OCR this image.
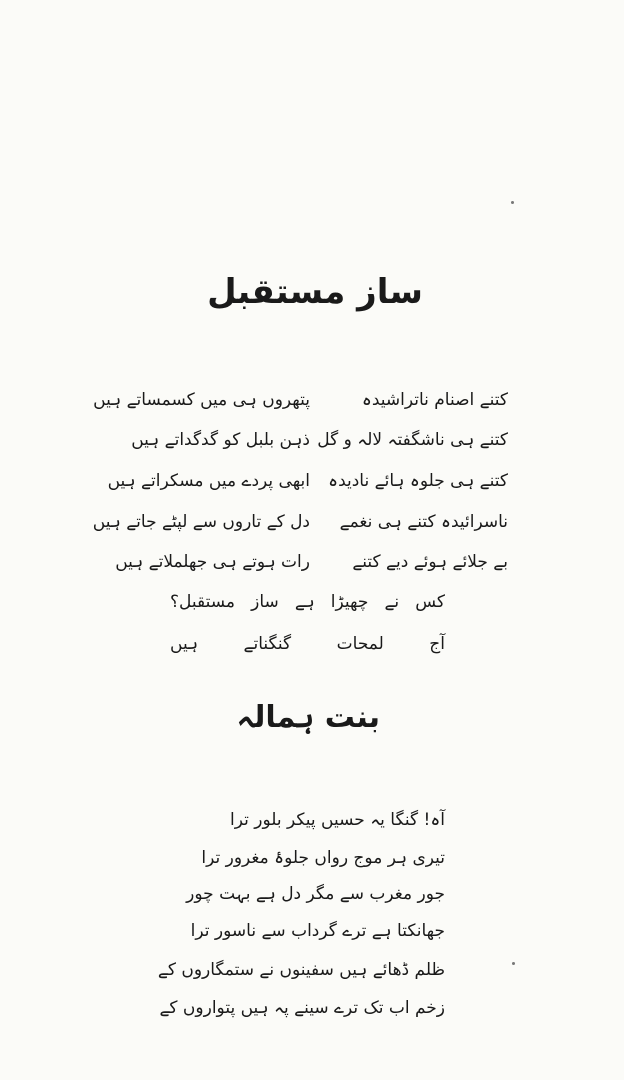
ساز مستقبل
کتنے اصنام ناتراشیدہ
پتھروں ہی میں کسمساتے ہیں
کتنے ہی ناشگفتہ لالہ و گل
ذہن بلبل کو گدگداتے ہیں
کتنے ہی جلوہ ہائے نادیدہ
ابھی پردے میں مسکراتے ہیں
ناسرائیدہ کتنے ہی نغمے
دل کے تاروں سے لپٹے جاتے ہیں
بے جلائے ہوئے دیے کتنے
رات ہوتے ہی جھلملاتے ہیں
کس نے چھیڑا ہے ساز مستقبل؟
آج لمحات گنگناتے ہیں
بنت ہمالہ
آہ! گنگا یہ حسیں پیکر بلور ترا
تیری ہر موج رواں جلوۂ مغرور ترا
جور مغرب سے مگر دل ہے بہت چور
جھانکتا ہے ترے گرداب سے ناسور ترا
ظلم ڈھائے ہیں سفینوں نے ستمگاروں کے
زخم اب تک ترے سینے پہ ہیں پتواروں کے
